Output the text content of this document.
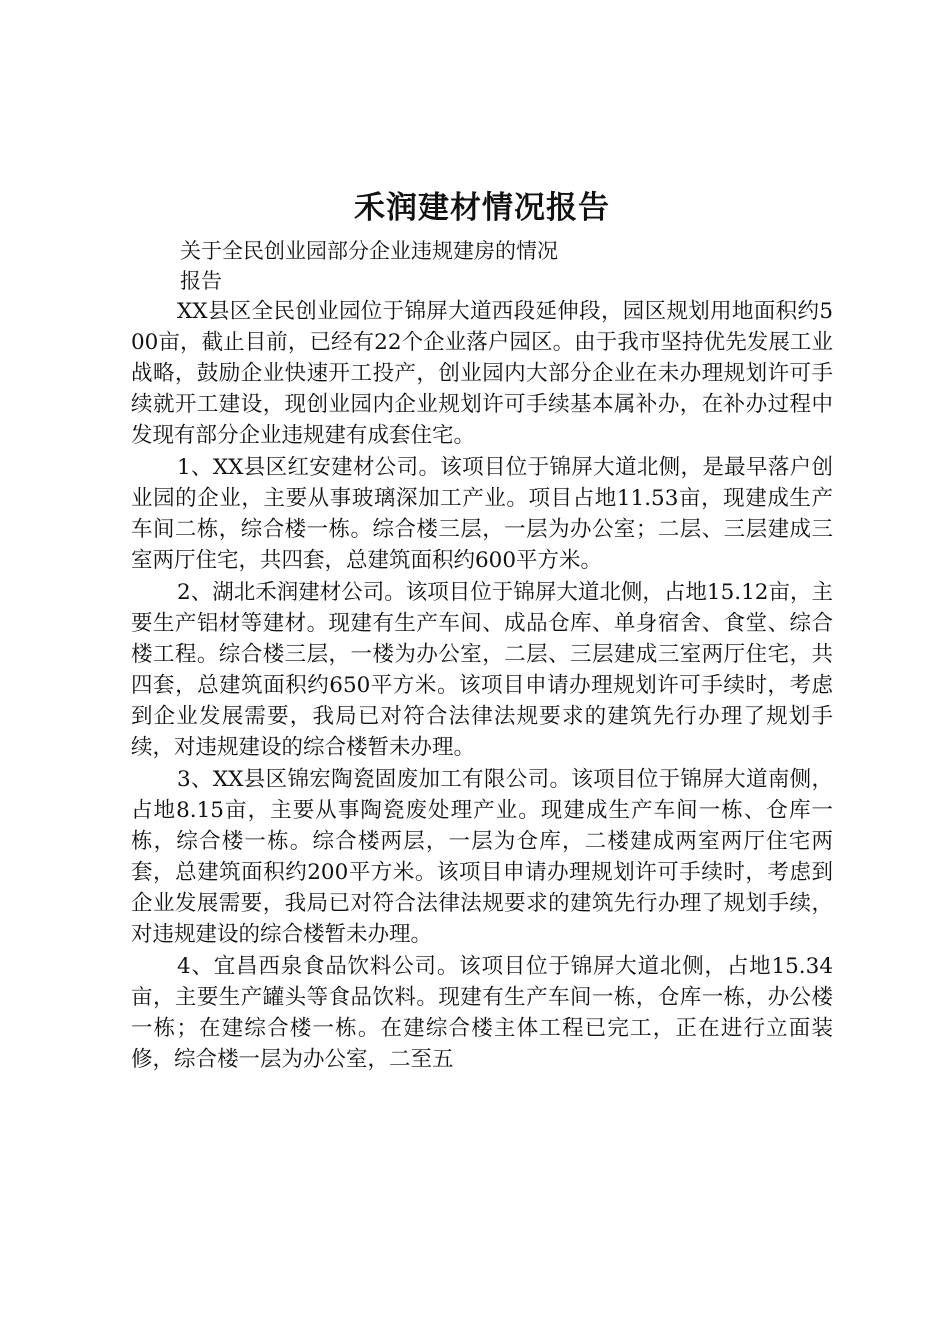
禾润建材情况报告

关于全民创业园部分企业违规建房的情况

报告

XX县区全民创业园位于锦屏大道西段延伸段，园区规划用地面积约500亩，截止目前，已经有22个企业落户园区。由于我市坚持优先发展工业战略，鼓励企业快速开工投产，创业园内大部分企业在未办理规划许可手续就开工建设，现创业园内企业规划许可手续基本属补办，在补办过程中发现有部分企业违规建有成套住宅。

1、XX县区红安建材公司。该项目位于锦屏大道北侧，是最早落户创业园的企业，主要从事玻璃深加工产业。项目占地11.53亩，现建成生产车间二栋，综合楼一栋。综合楼三层，一层为办公室；二层、三层建成三室两厅住宅，共四套，总建筑面积约600平方米。

2、湖北禾润建材公司。该项目位于锦屏大道北侧，占地15.12亩，主要生产铝材等建材。现建有生产车间、成品仓库、单身宿舍、食堂、综合楼工程。综合楼三层，一楼为办公室，二层、三层建成三室两厅住宅，共四套，总建筑面积约650平方米。该项目申请办理规划许可手续时，考虑到企业发展需要，我局已对符合法律法规要求的建筑先行办理了规划手续，对违规建设的综合楼暂未办理。

3、XX县区锦宏陶瓷固废加工有限公司。该项目位于锦屏大道南侧，占地8.15亩，主要从事陶瓷废处理产业。现建成生产车间一栋、仓库一栋，综合楼一栋。综合楼两层，一层为仓库，二楼建成两室两厅住宅两套，总建筑面积约200平方米。该项目申请办理规划许可手续时，考虑到企业发展需要，我局已对符合法律法规要求的建筑先行办理了规划手续，对违规建设的综合楼暂未办理。

4、宜昌西泉食品饮料公司。该项目位于锦屏大道北侧，占地15.34亩，主要生产罐头等食品饮料。现建有生产车间一栋，仓库一栋，办公楼一栋；在建综合楼一栋。在建综合楼主体工程已完工，正在进行立面装修，综合楼一层为办公室，二至五
